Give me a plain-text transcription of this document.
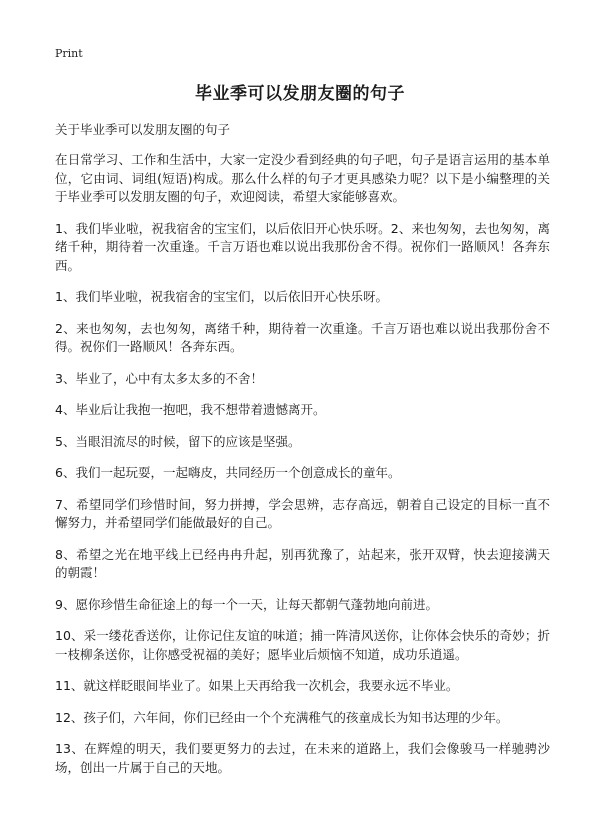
Print
毕业季可以发朋友圈的句子

关于毕业季可以发朋友圈的句子

在日常学习、工作和生活中，大家一定没少看到经典的句子吧，句子是语言运用的基本单位，它由词、词组(短语)构成。那么什么样的句子才更具感染力呢？以下是小编整理的关于毕业季可以发朋友圈的句子，欢迎阅读，希望大家能够喜欢。

1、我们毕业啦，祝我宿舍的宝宝们，以后依旧开心快乐呀。2、来也匆匆，去也匆匆，离绪千种，期待着一次重逢。千言万语也难以说出我那份舍不得。祝你们一路顺风！各奔东西。

1、我们毕业啦，祝我宿舍的宝宝们，以后依旧开心快乐呀。

2、来也匆匆，去也匆匆，离绪千种，期待着一次重逢。千言万语也难以说出我那份舍不得。祝你们一路顺风！各奔东西。

3、毕业了，心中有太多太多的不舍！

4、毕业后让我抱一抱吧，我不想带着遗憾离开。

5、当眼泪流尽的时候，留下的应该是坚强。

6、我们一起玩耍，一起嗨皮，共同经历一个创意成长的童年。

7、希望同学们珍惜时间，努力拼搏，学会思辨，志存高远，朝着自己设定的目标一直不懈努力，并希望同学们能做最好的自己。

8、希望之光在地平线上已经冉冉升起，别再犹豫了，站起来，张开双臂，快去迎接满天的朝霞！

9、愿你珍惜生命征途上的每一个一天，让每天都朝气蓬勃地向前进。

10、采一缕花香送你，让你记住友谊的味道；捕一阵清风送你，让你体会快乐的奇妙；折一枝柳条送你，让你感受祝福的美好；愿毕业后烦恼不知道，成功乐逍遥。

11、就这样眨眼间毕业了。如果上天再给我一次机会，我要永远不毕业。

12、孩子们，六年间，你们已经由一个个充满稚气的孩童成长为知书达理的少年。

13、在辉煌的明天，我们要更努力的去过，在未来的道路上，我们会像骏马一样驰骋沙场，创出一片属于自己的天地。
